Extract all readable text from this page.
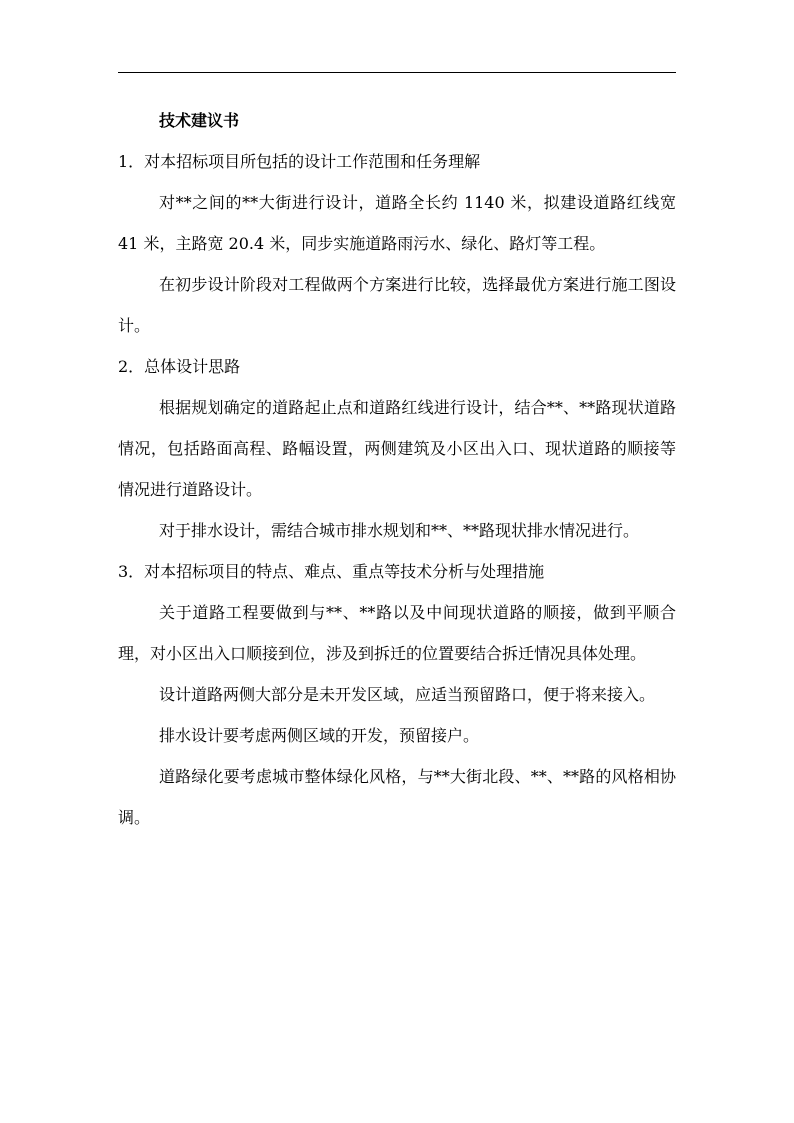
技术建议书

1．对本招标项目所包括的设计工作范围和任务理解

对**之间的**大街进行设计，道路全长约 1140 米，拟建设道路红线宽 41 米，主路宽 20.4 米，同步实施道路雨污水、绿化、路灯等工程。

在初步设计阶段对工程做两个方案进行比较，选择最优方案进行施工图设计。

2．总体设计思路

根据规划确定的道路起止点和道路红线进行设计，结合**、**路现状道路情况，包括路面高程、路幅设置，两侧建筑及小区出入口、现状道路的顺接等情况进行道路设计。

对于排水设计，需结合城市排水规划和**、**路现状排水情况进行。

3．对本招标项目的特点、难点、重点等技术分析与处理措施

关于道路工程要做到与**、**路以及中间现状道路的顺接，做到平顺合理，对小区出入口顺接到位，涉及到拆迁的位置要结合拆迁情况具体处理。

设计道路两侧大部分是未开发区域，应适当预留路口，便于将来接入。

排水设计要考虑两侧区域的开发，预留接户。

道路绿化要考虑城市整体绿化风格，与**大街北段、**、**路的风格相协调。
